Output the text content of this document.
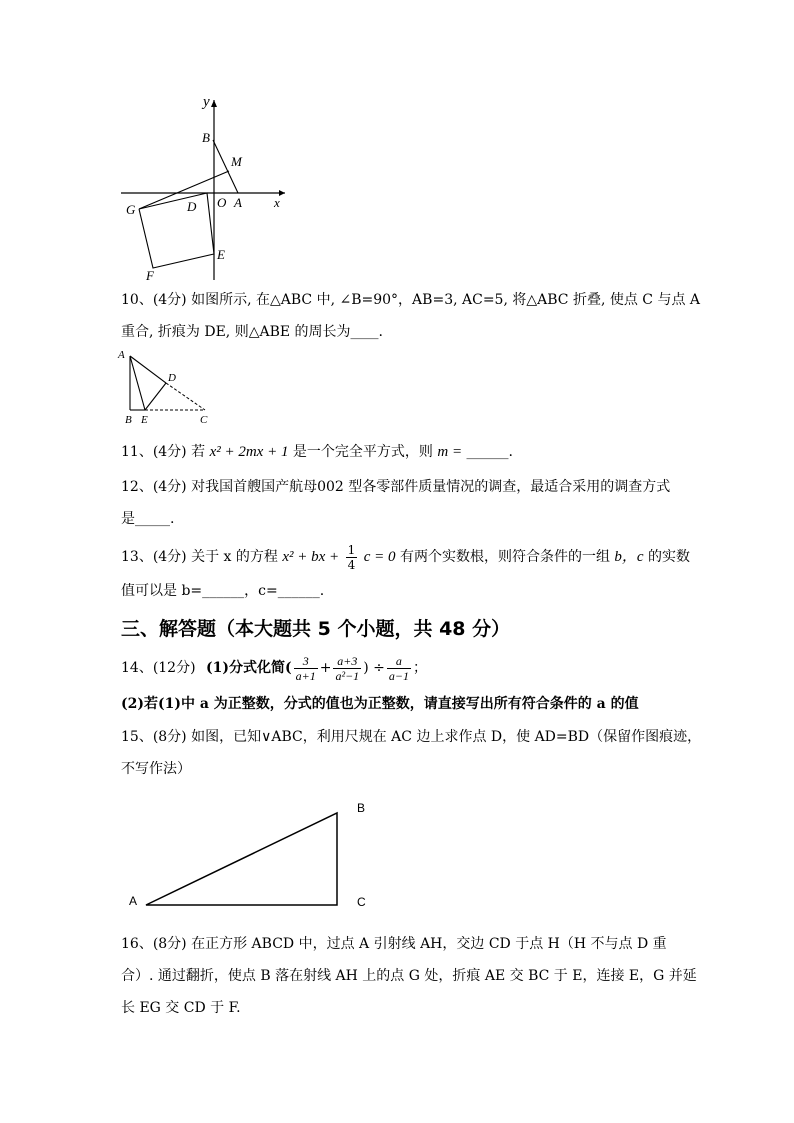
y
x
B
M
G	D O A
E
F
10、(4分) 如图所示, 在△ABC 中, ∠B=90°，AB=3, AC=5, 将△ABC 折叠, 使点 C 与点 A
重合, 折痕为 DE, 则△ABE 的周长为____.
A
B E
D
C
11、(4分) 若 x² + 2mx + 1 是一个完全平方式，则 m = ______.
12、(4分) 对我国首艘国产航母002 型各零部件质量情况的调查，最适合采用的调查方式
是_____.
13、(4分) 关于 x 的方程 x² + bx + $\frac{1}{4}$ c = 0 有两个实数根，则符合条件的一组 b，c 的实数
值可以是 b=______，c=______.
三、解答题（本大题共 5 个小题，共 48 分）
14、(12分) (1)分式化简( $\frac{3}{a+1} + \frac{a+3}{\text{a²−1}}$ ) ÷ $\frac{a}{a-1}$ ；
(2)若(1)中 a 为正整数，分式的值也为正整数，请直接写出所有符合条件的 a 的值
15、(8分) 如图，已知∨ABC，利用尺规在 AC 边上求作点 D，使 AD=BD（保留作图痕迹，
不写作法）
A
B
C
16、(8分) 在正方形 ABCD 中，过点 A 引射线 AH，交边 CD 于点 H（H 不与点 D 重
合）. 通过翻折，使点 B 落在射线 AH 上的点 G 处，折痕 AE 交 BC 于 E，连接 E，G 并延
长 EG 交 CD 于 F.
